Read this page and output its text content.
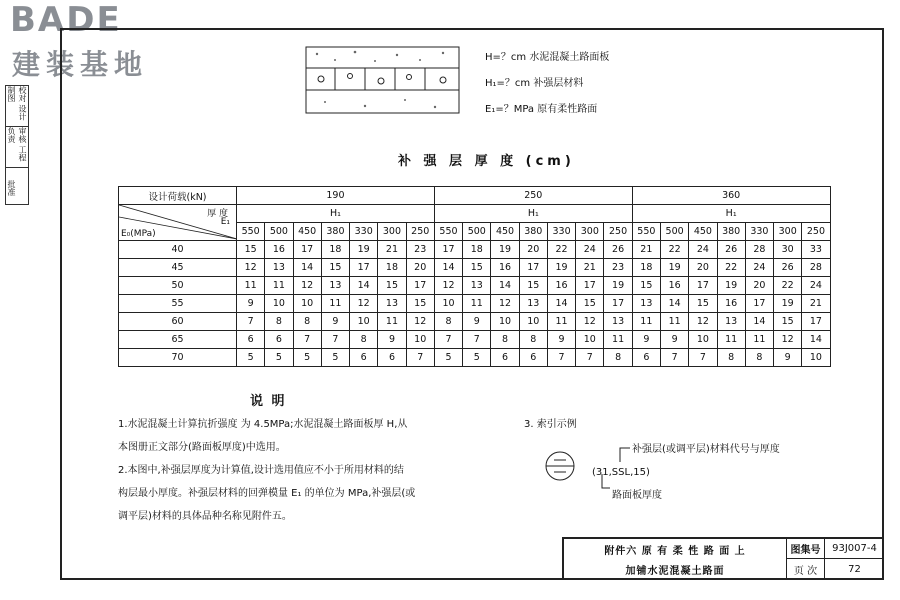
BADE
建装基地
校对 设计 制图
审核 工程负责
批准
H=？cm 水泥混凝土路面板
H₁=？cm 补强层材料
E₁=？MPa 原有柔性路面
补 强 层 厚 度 (cm)
设计荷载(kN)	190							250							360						

厚 度
E₁
E₀(MPa)	H₁							H₁							H₁						
	550	500	450	380	330	300	250	550	500	450	380	330	300	250	550	500	450	380	330	300	250
40	15	16	17	18	19	21	23	17	18	19	20	22	24	26	21	22	24	26	28	30	33
45	12	13	14	15	17	18	20	14	15	16	17	19	21	23	18	19	20	22	24	26	28
50	11	11	12	13	14	15	17	12	13	14	15	16	17	19	15	16	17	19	20	22	24
55	9	10	10	11	12	13	15	10	11	12	13	14	15	17	13	14	15	16	17	19	21
60	7	8	8	9	10	11	12	8	9	10	10	11	12	13	11	11	12	13	14	15	17
65	6	6	7	7	8	9	10	7	7	8	8	9	10	11	9	9	10	11	11	12	14
70	5	5	5	5	6	6	7	5	5	6	6	7	7	8	6	7	7	8	8	9	10
说 明
1.水泥混凝土计算抗折强度 为 4.5MPa;水泥混凝土路面板厚 H,从
本图册正文部分(路面板厚度)中选用。
2.本图中,补强层厚度为计算值,设计选用值应不小于所用材料的结
构层最小厚度。补强层材料的回弹模量 E₁ 的单位为 MPa,补强层(或
调平层)材料的具体品种名称见附件五。
3. 索引示例
补强层(或调平层)材料代号与厚度
(31,SSL,15)
路面板厚度
附件六 原 有 柔 性 路 面 上
加铺水泥混凝土路面
图集号	93J007-4
页 次	72
